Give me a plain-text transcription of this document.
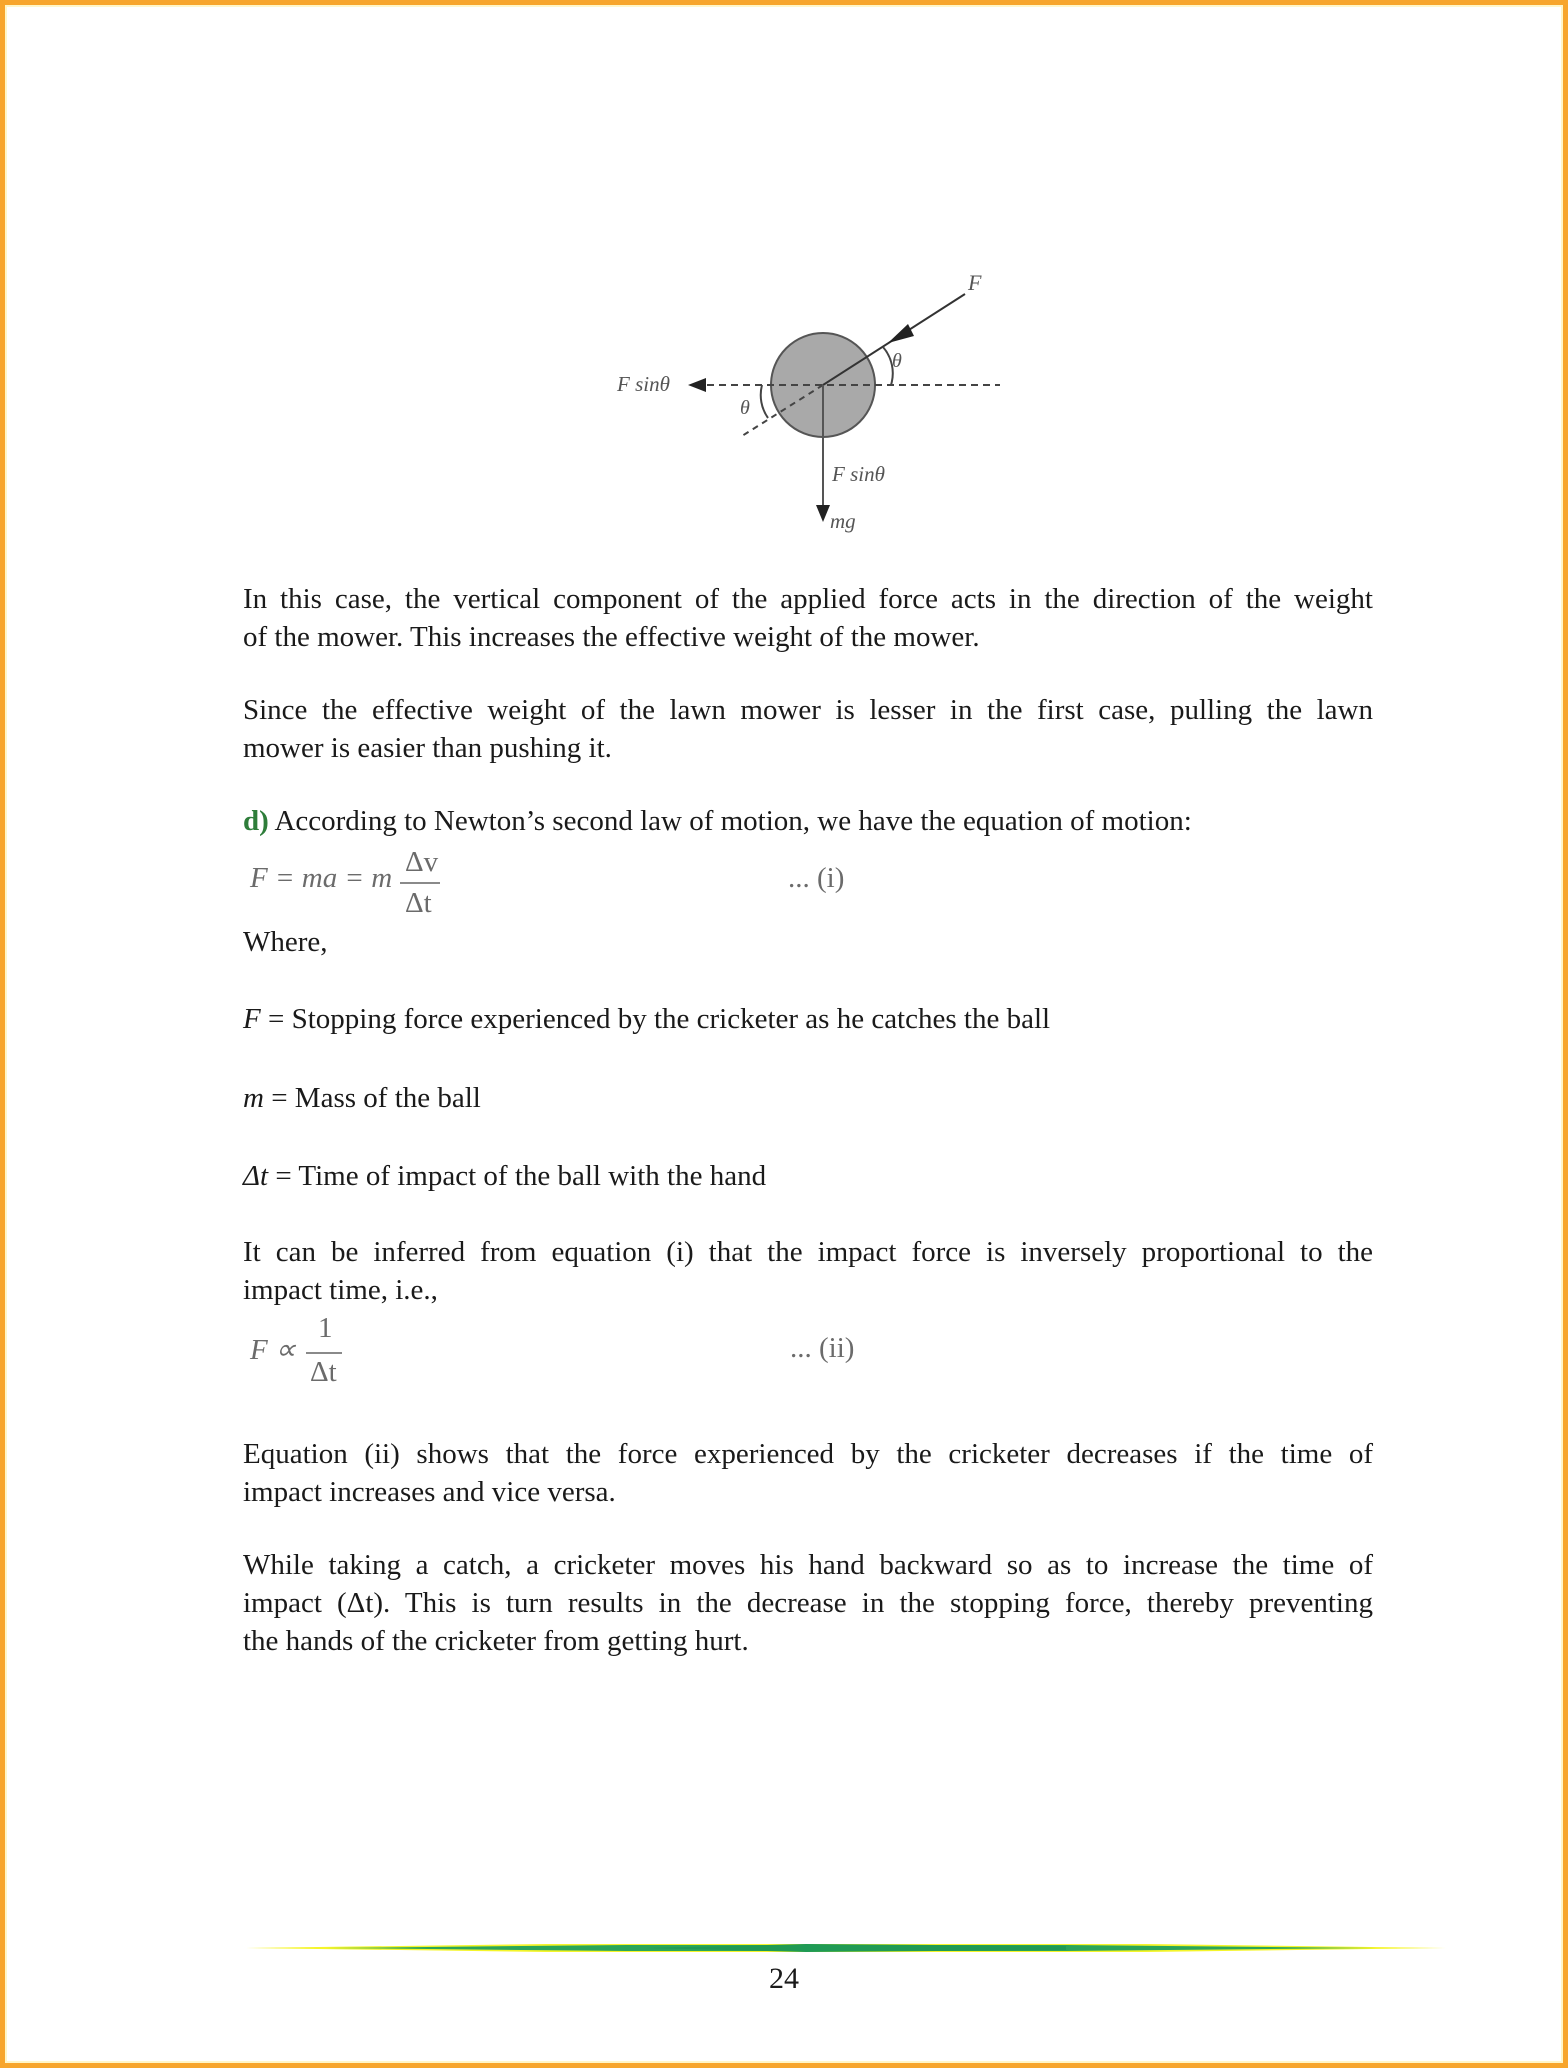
F
θ
θ
F sinθ
F sinθ
mg
In this case, the vertical component of the applied force acts in the direction of the weight
of the mower. This increases the effective weight of the mower.
Since the effective weight of the lawn mower is lesser in the first case, pulling the lawn
mower is easier than pushing it.
d) According to Newton’s second law of motion, we have the equation of motion:
F = ma = m Δv
Δt
... (i)
Where,
F = Stopping force experienced by the cricketer as he catches the ball
m = Mass of the ball
Δt = Time of impact of the ball with the hand
It can be inferred from equation (i) that the impact force is inversely proportional to the
impact time, i.e.,
F ∝
1
Δt
... (ii)
Equation (ii) shows that the force experienced by the cricketer decreases if the time of
impact increases and vice versa.
While taking a catch, a cricketer moves his hand backward so as to increase the time of
impact (Δt). This is turn results in the decrease in the stopping force, thereby preventing
the hands of the cricketer from getting hurt.
24
